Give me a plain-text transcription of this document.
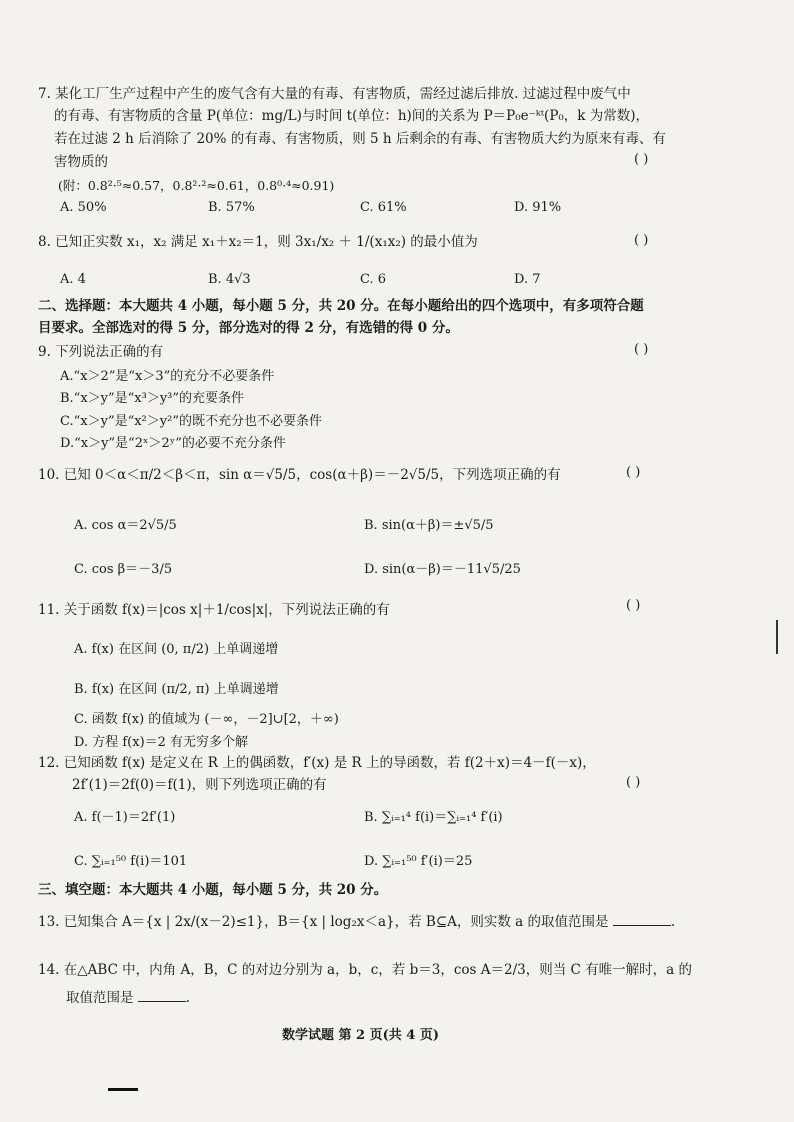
7. 某化工厂生产过程中产生的废气含有大量的有毒、有害物质，需经过滤后排放. 过滤过程中废气中
的有毒、有害物质的含量 P(单位：mg/L)与时间 t(单位：h)间的关系为 P＝P₀e⁻ᵏᵗ(P₀，k 为常数)，
若在过滤 2 h 后消除了 20% 的有毒、有害物质，则 5 h 后剩余的有毒、有害物质大约为原来有毒、有
害物质的	( )
(附：0.8²·⁵≈0.57，0.8²·²≈0.61，0.8⁰·⁴≈0.91)
A. 50%	B. 57%	C. 61%	D. 91%
8. 已知正实数 x₁，x₂ 满足 x₁＋x₂＝1，则 3x₁/x₂ ＋ 1/(x₁x₂) 的最小值为	( )
A. 4	B. 4√3	C. 6	D. 7
二、选择题：本大题共 4 小题，每小题 5 分，共 20 分。在每小题给出的四个选项中，有多项符合题
目要求。全部选对的得 5 分，部分选对的得 2 分，有选错的得 0 分。
9. 下列说法正确的有	( )
A.“x＞2”是“x＞3”的充分不必要条件
B.“x＞y”是“x³＞y³”的充要条件
C.“x＞y”是“x²＞y²”的既不充分也不必要条件
D.“x＞y”是“2ˣ＞2ʸ”的必要不充分条件
10. 已知 0＜α＜π/2＜β＜π，sin α＝√5/5，cos(α＋β)＝－2√5/5，下列选项正确的有	( )
A. cos α＝2√5/5	B. sin(α＋β)＝±√5/5
C. cos β＝－3/5	D. sin(α－β)＝－11√5/25
11. 关于函数 f(x)＝|cos x|＋1/cos|x|，下列说法正确的有	( )
A. f(x) 在区间 (0, π/2) 上单调递增
B. f(x) 在区间 (π/2, π) 上单调递增
C. 函数 f(x) 的值域为 (－∞，－2]∪[2，＋∞)
D. 方程 f(x)＝2 有无穷多个解
12. 已知函数 f(x) 是定义在 R 上的偶函数，f′(x) 是 R 上的导函数，若 f(2＋x)＝4－f(－x)，
2f′(1)＝2f(0)＝f(1)，则下列选项正确的有	( )
A. f(－1)＝2f′(1)	B. ∑ᵢ₌₁⁴ f(i)＝∑ᵢ₌₁⁴ f′(i)
C. ∑ᵢ₌₁⁵⁰ f(i)＝101	D. ∑ᵢ₌₁⁵⁰ f′(i)＝25
三、填空题：本大题共 4 小题，每小题 5 分，共 20 分。
13. 已知集合 A＝{x | 2x/(x－2)≤1}，B＝{x | log₂x＜a}，若 B⊆A，则实数 a 的取值范围是	.
14. 在△ABC 中，内角 A，B，C 的对边分别为 a，b，c，若 b＝3，cos A＝2/3，则当 C 有唯一解时，a 的
取值范围是	.
数学试题 第 2 页(共 4 页)
